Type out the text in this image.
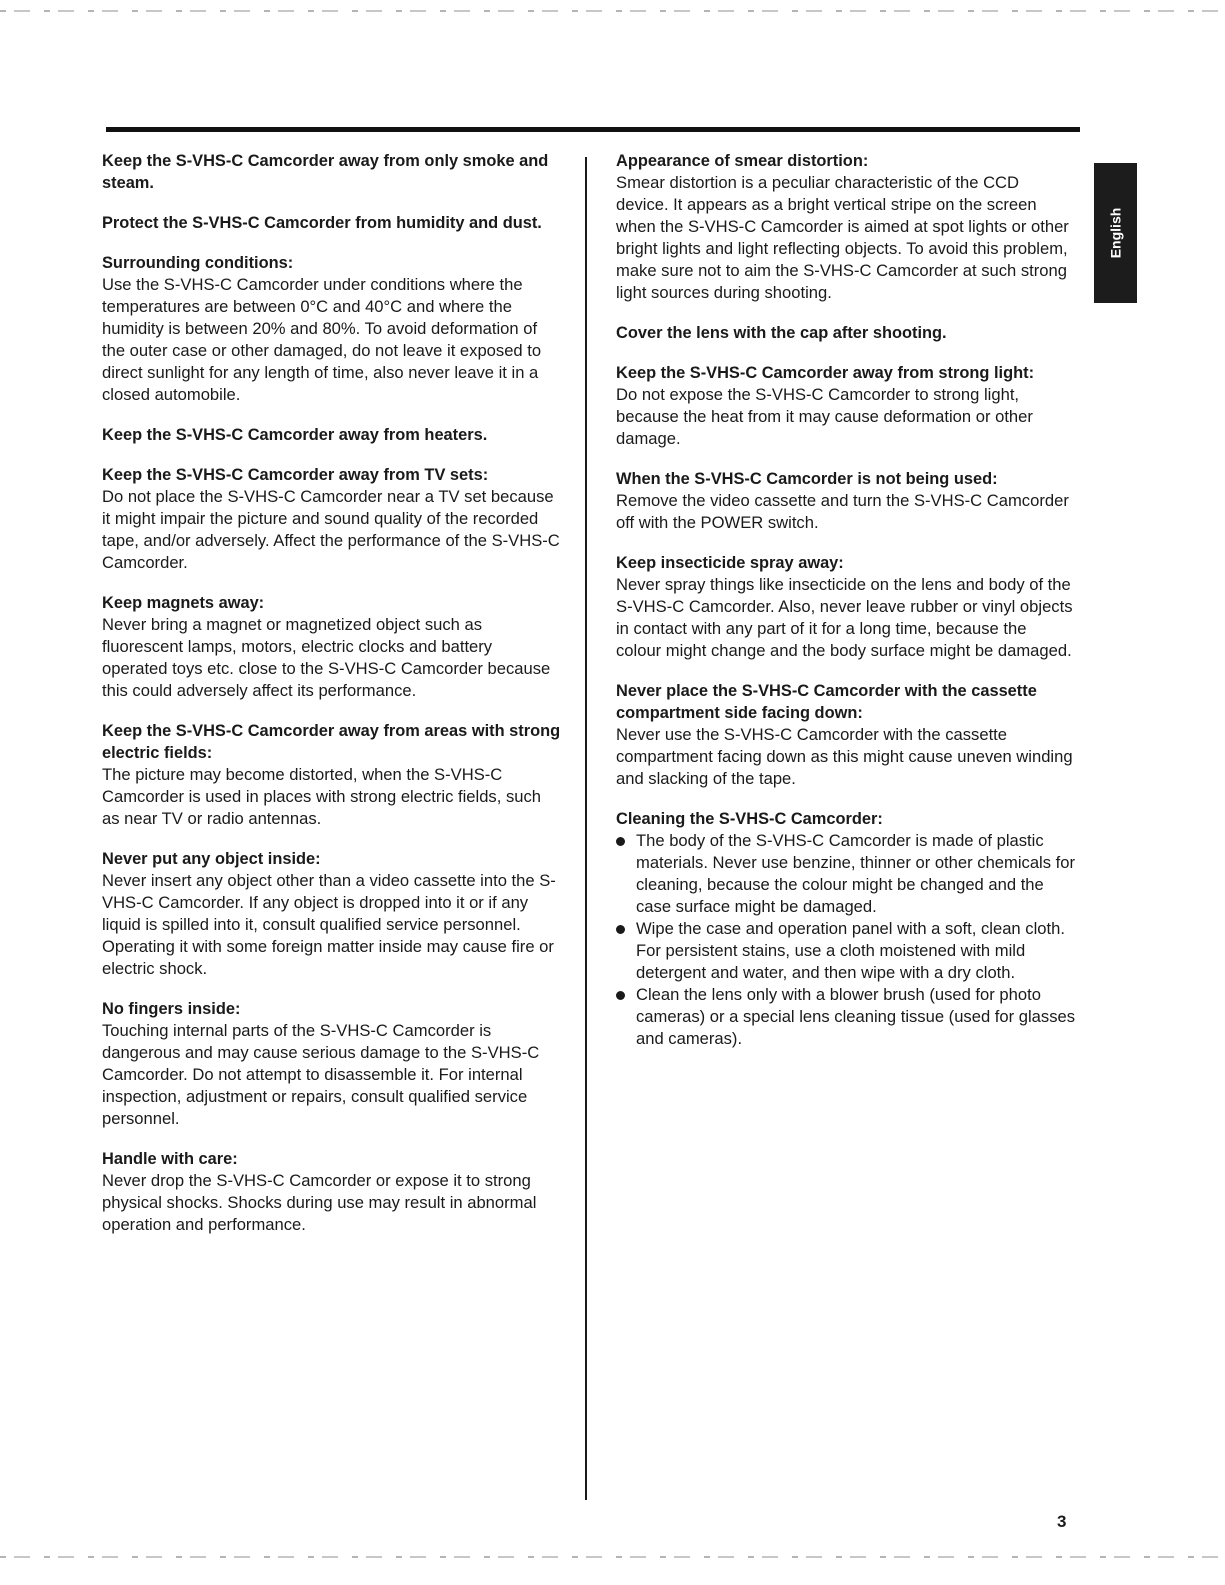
English

Keep the S-VHS-C Camcorder away from only smoke and steam.

Protect the S-VHS-C Camcorder from humidity and dust.

Surrounding conditions:

Use the S-VHS-C Camcorder under conditions where the temperatures are between 0°C and 40°C and where the humidity is between 20% and 80%. To avoid deformation of the outer case or other damaged, do not leave it exposed to direct sunlight for any length of time, also never leave it in a closed automobile.

Keep the S-VHS-C Camcorder away from heaters.

Keep the S-VHS-C Camcorder away from TV sets:

Do not place the S-VHS-C Camcorder near a TV set because it might impair the picture and sound quality of the recorded tape, and/or adversely. Affect the performance of the S-VHS-C Camcorder.

Keep magnets away:

Never bring a magnet or magnetized object such as fluorescent lamps, motors, electric clocks and battery operated toys etc. close to the S-VHS-C Camcorder because this could adversely affect its performance.

Keep the S-VHS-C Camcorder away from areas with strong electric fields:

The picture may become distorted, when the S-VHS-C Camcorder is used in places with strong electric fields, such as near TV or radio antennas.

Never put any object inside:

Never insert any object other than a video cassette into the S-VHS-C Camcorder. If any object is dropped into it or if any liquid is spilled into it, consult qualified service personnel. Operating it with some foreign matter inside may cause fire or electric shock.

No fingers inside:

Touching internal parts of the S-VHS-C Camcorder is dangerous and may cause serious damage to the S-VHS-C Camcorder. Do not attempt to disassemble it. For internal inspection, adjustment or repairs, consult qualified service personnel.

Handle with care:

Never drop the S-VHS-C Camcorder or expose it to strong physical shocks. Shocks during use may result in abnormal operation and performance.

Appearance of smear distortion:

Smear distortion is a peculiar characteristic of the CCD device. It appears as a bright vertical stripe on the screen when the S-VHS-C Camcorder is aimed at spot lights or other bright lights and light reflecting objects. To avoid this problem, make sure not to aim the S-VHS-C Camcorder at such strong light sources during shooting.

Cover the lens with the cap after shooting.

Keep the S-VHS-C Camcorder away from strong light:

Do not expose the S-VHS-C Camcorder to strong light, because the heat from it may cause deformation or other damage.

When the S-VHS-C Camcorder is not being used:

Remove the video cassette and turn the S-VHS-C Camcorder off with the POWER switch.

Keep insecticide spray away:

Never spray things like insecticide on the lens and body of the S-VHS-C Camcorder. Also, never leave rubber or vinyl objects in contact with any part of it for a long time, because the colour might change and the body surface might be damaged.

Never place the S-VHS-C Camcorder with the cassette compartment side facing down:

Never use the S-VHS-C Camcorder with the cassette compartment facing down as this might cause uneven winding and slacking of the tape.

Cleaning the S-VHS-C Camcorder:

The body of the S-VHS-C Camcorder is made of plastic materials. Never use benzine, thinner or other chemicals for cleaning, because the colour might be changed and the case surface might be damaged.
Wipe the case and operation panel with a soft, clean cloth. For persistent stains, use a cloth moistened with mild detergent and water, and then wipe with a dry cloth.
Clean the lens only with a blower brush (used for photo cameras) or a special lens cleaning tissue (used for glasses and cameras).
3
